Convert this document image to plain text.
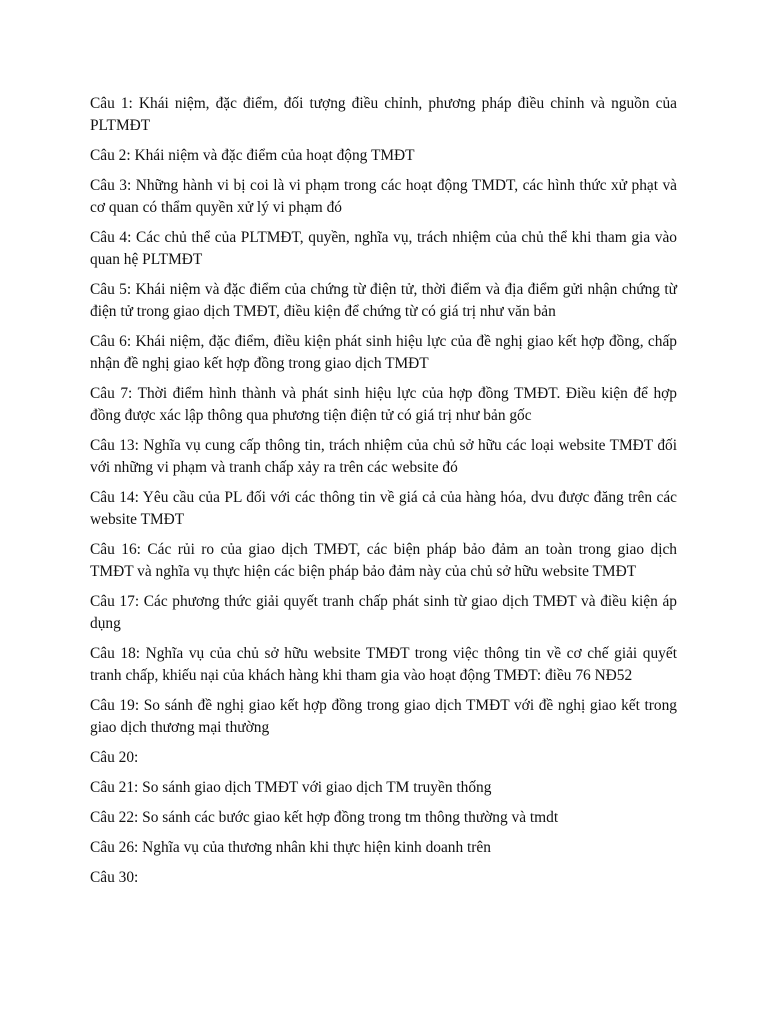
Câu 1: Khái niệm, đặc điểm, đối tượng điều chỉnh, phương pháp điều chỉnh và nguồn của PLTMĐT

Câu 2: Khái niệm và đặc điểm của hoạt động TMĐT

Câu 3: Những hành vi bị coi là vi phạm trong các hoạt động TMDT, các hình thức xử phạt và cơ quan có thẩm quyền xử lý vi phạm đó

Câu 4: Các chủ thể của PLTMĐT, quyền, nghĩa vụ, trách nhiệm của chủ thể khi tham gia vào quan hệ PLTMĐT

Câu 5: Khái niệm và đặc điểm của chứng từ điện tử, thời điểm và địa điểm gửi nhận chứng từ điện tử trong giao dịch TMĐT, điều kiện để chứng từ có giá trị như văn bản

Câu 6: Khái niệm, đặc điểm, điều kiện phát sinh hiệu lực của đề nghị giao kết hợp đồng, chấp nhận đề nghị giao kết hợp đồng trong giao dịch TMĐT

Câu 7: Thời điểm hình thành và phát sinh hiệu lực của hợp đồng TMĐT. Điều kiện để hợp đồng được xác lập thông qua phương tiện điện tử có giá trị như bản gốc

Câu 13: Nghĩa vụ cung cấp thông tin, trách nhiệm của chủ sở hữu các loại website TMĐT đối với những vi phạm và tranh chấp xảy ra trên các website đó

Câu 14: Yêu cầu của PL đối với các thông tin về giá cả của hàng hóa, dvu được đăng trên các website TMĐT

Câu 16: Các rủi ro của giao dịch TMĐT, các biện pháp bảo đảm an toàn trong giao dịch TMĐT và nghĩa vụ thực hiện các biện pháp bảo đảm này của chủ sở hữu website TMĐT

Câu 17: Các phương thức giải quyết tranh chấp phát sinh từ giao dịch TMĐT và điều kiện áp dụng

Câu 18: Nghĩa vụ của chủ sở hữu website TMĐT trong việc thông tin về cơ chế giải quyết tranh chấp, khiếu nại của khách hàng khi tham gia vào hoạt động TMĐT: điều 76 NĐ52

Câu 19: So sánh đề nghị giao kết hợp đồng trong giao dịch TMĐT với đề nghị giao kết trong giao dịch thương mại thường

Câu 20:

Câu 21: So sánh giao dịch TMĐT với giao dịch TM truyền thống

Câu 22: So sánh các bước giao kết hợp đồng trong tm thông thường và tmdt

Câu 26: Nghĩa vụ của thương nhân khi thực hiện kinh doanh trên

Câu 30:
